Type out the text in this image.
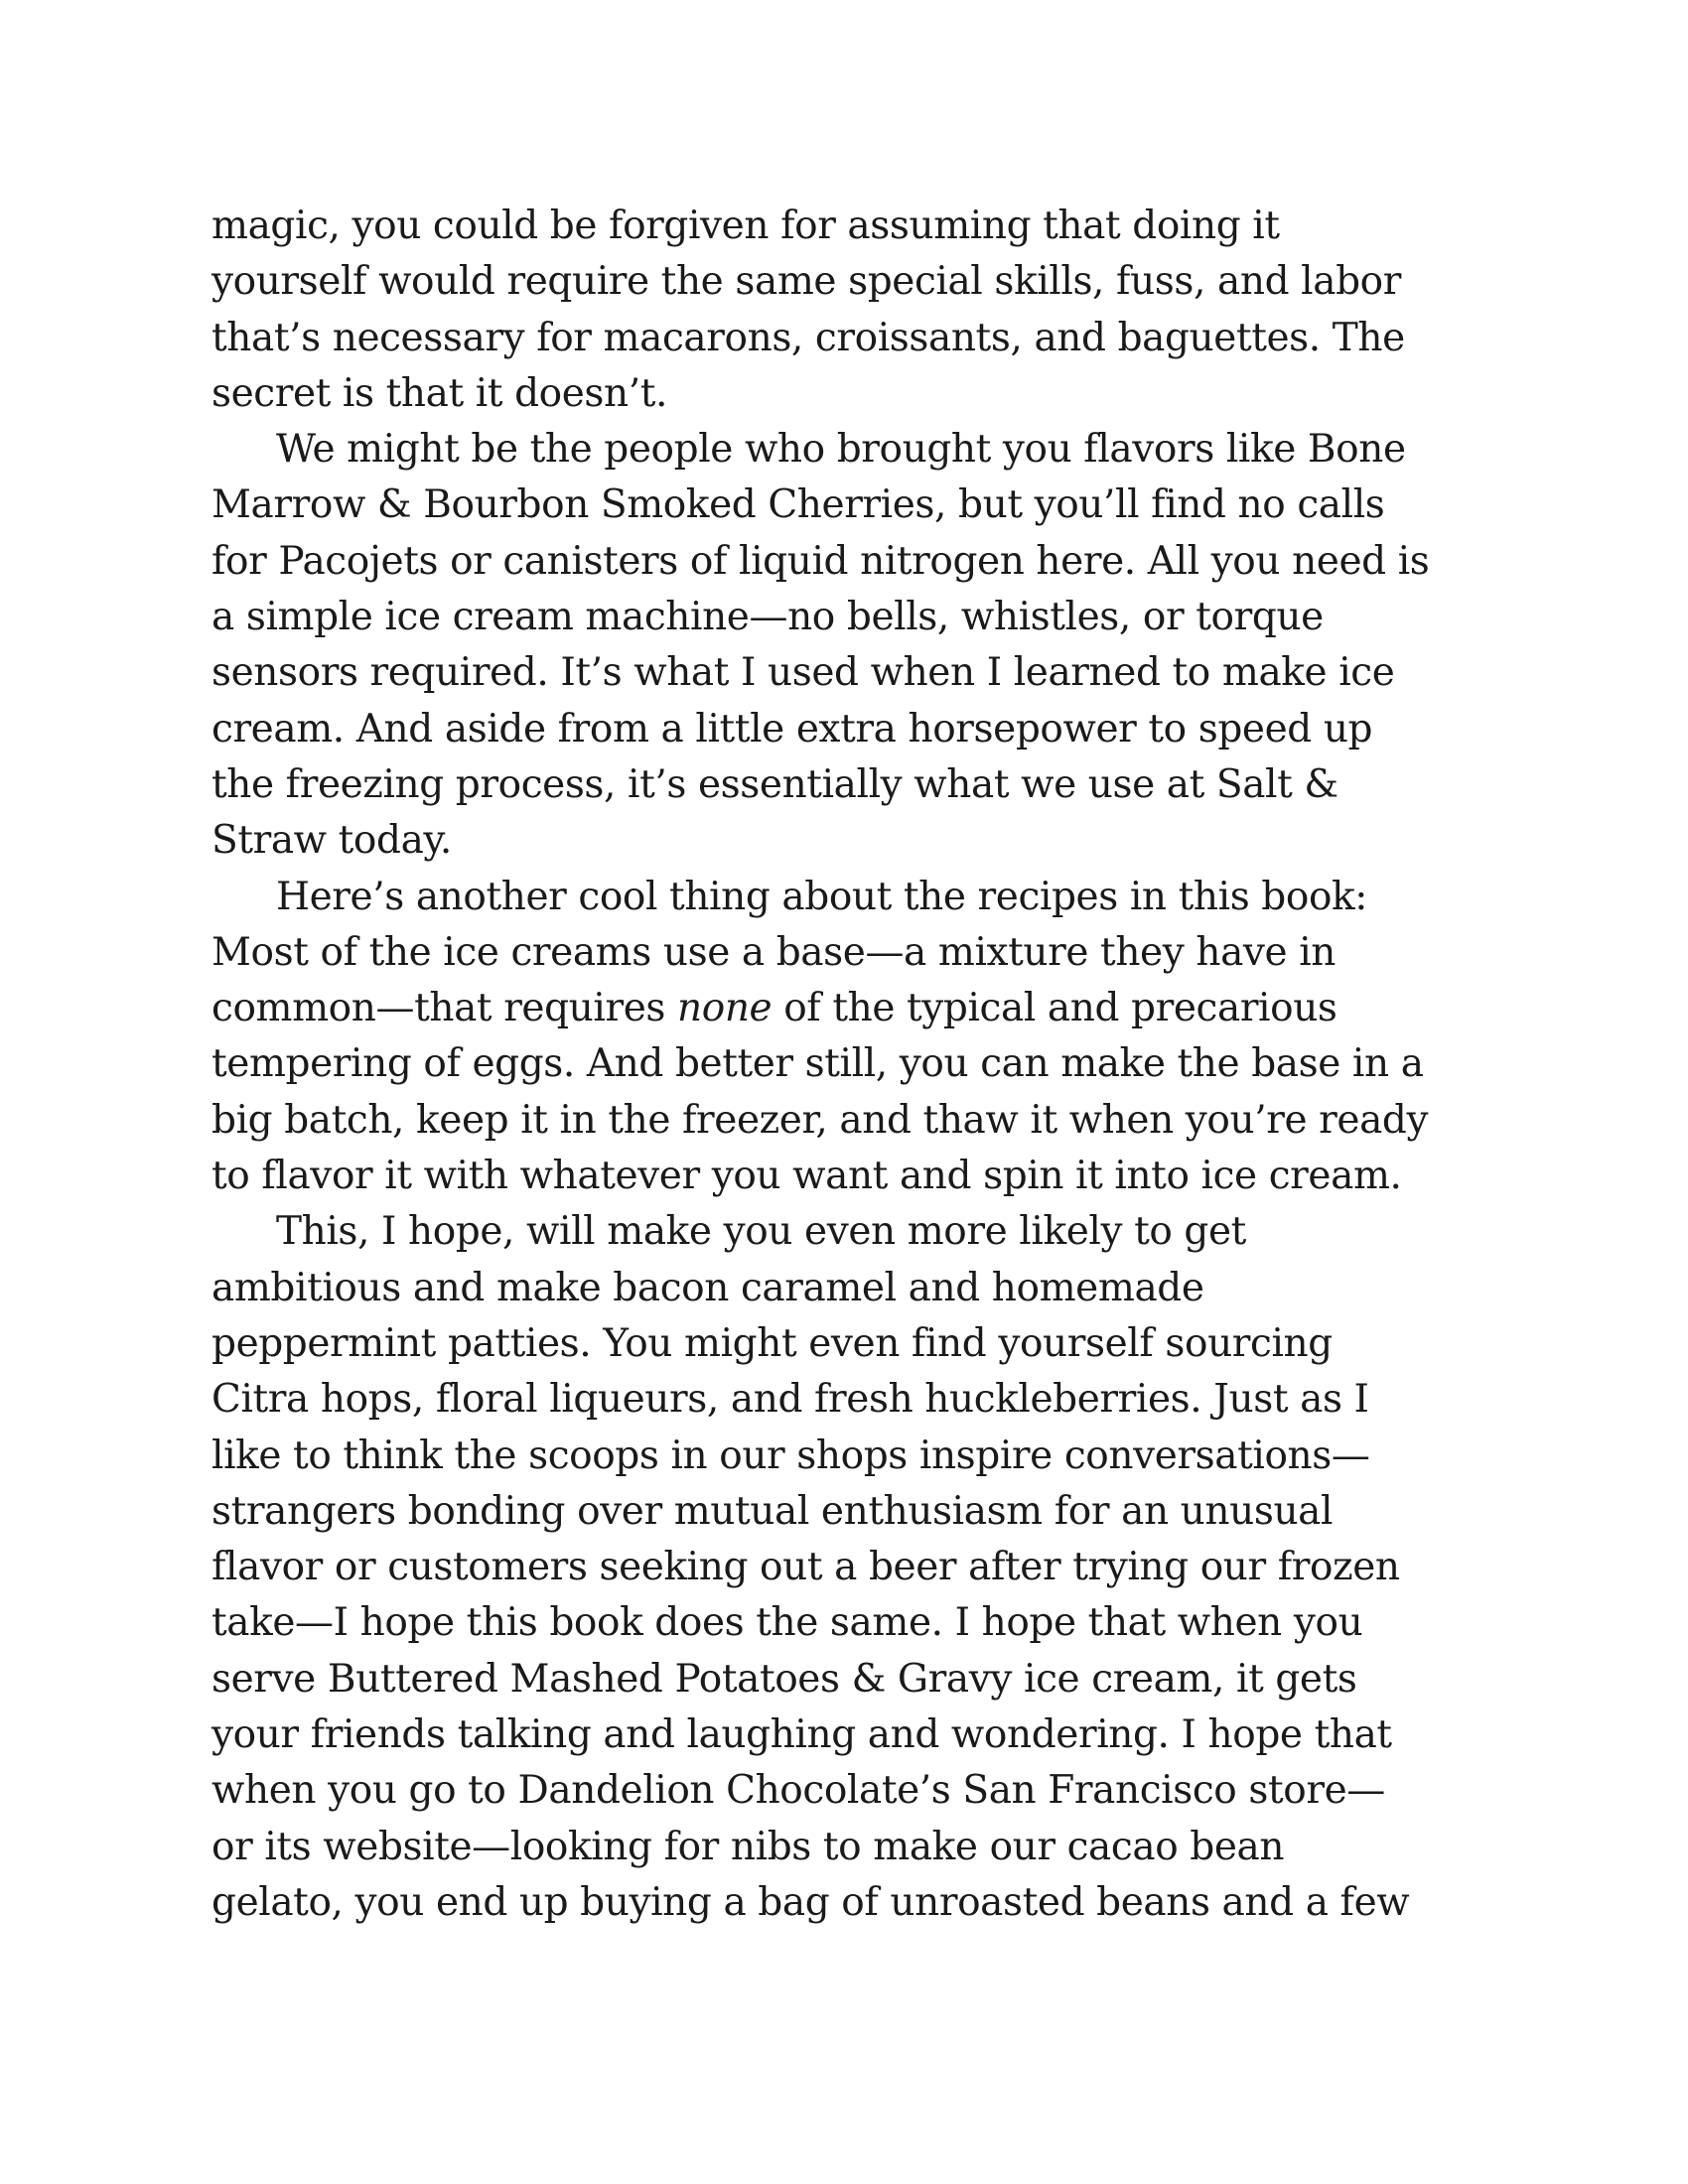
magic, you could be forgiven for assuming that doing it
yourself would require the same special skills, fuss, and labor
that’s necessary for macarons, croissants, and baguettes. The
secret is that it doesn’t.
We might be the people who brought you flavors like Bone
Marrow & Bourbon Smoked Cherries, but you’ll find no calls
for Pacojets or canisters of liquid nitrogen here. All you need is
a simple ice cream machine—no bells, whistles, or torque
sensors required. It’s what I used when I learned to make ice
cream. And aside from a little extra horsepower to speed up
the freezing process, it’s essentially what we use at Salt &
Straw today.
Here’s another cool thing about the recipes in this book:
Most of the ice creams use a base—a mixture they have in
common—that requires none of the typical and precarious
tempering of eggs. And better still, you can make the base in a
big batch, keep it in the freezer, and thaw it when you’re ready
to flavor it with whatever you want and spin it into ice cream.
This, I hope, will make you even more likely to get
ambitious and make bacon caramel and homemade
peppermint patties. You might even find yourself sourcing
Citra hops, floral liqueurs, and fresh huckleberries. Just as I
like to think the scoops in our shops inspire conversations—
strangers bonding over mutual enthusiasm for an unusual
flavor or customers seeking out a beer after trying our frozen
take—I hope this book does the same. I hope that when you
serve Buttered Mashed Potatoes & Gravy ice cream, it gets
your friends talking and laughing and wondering. I hope that
when you go to Dandelion Chocolate’s San Francisco store—
or its website—looking for nibs to make our cacao bean
gelato, you end up buying a bag of unroasted beans and a few
